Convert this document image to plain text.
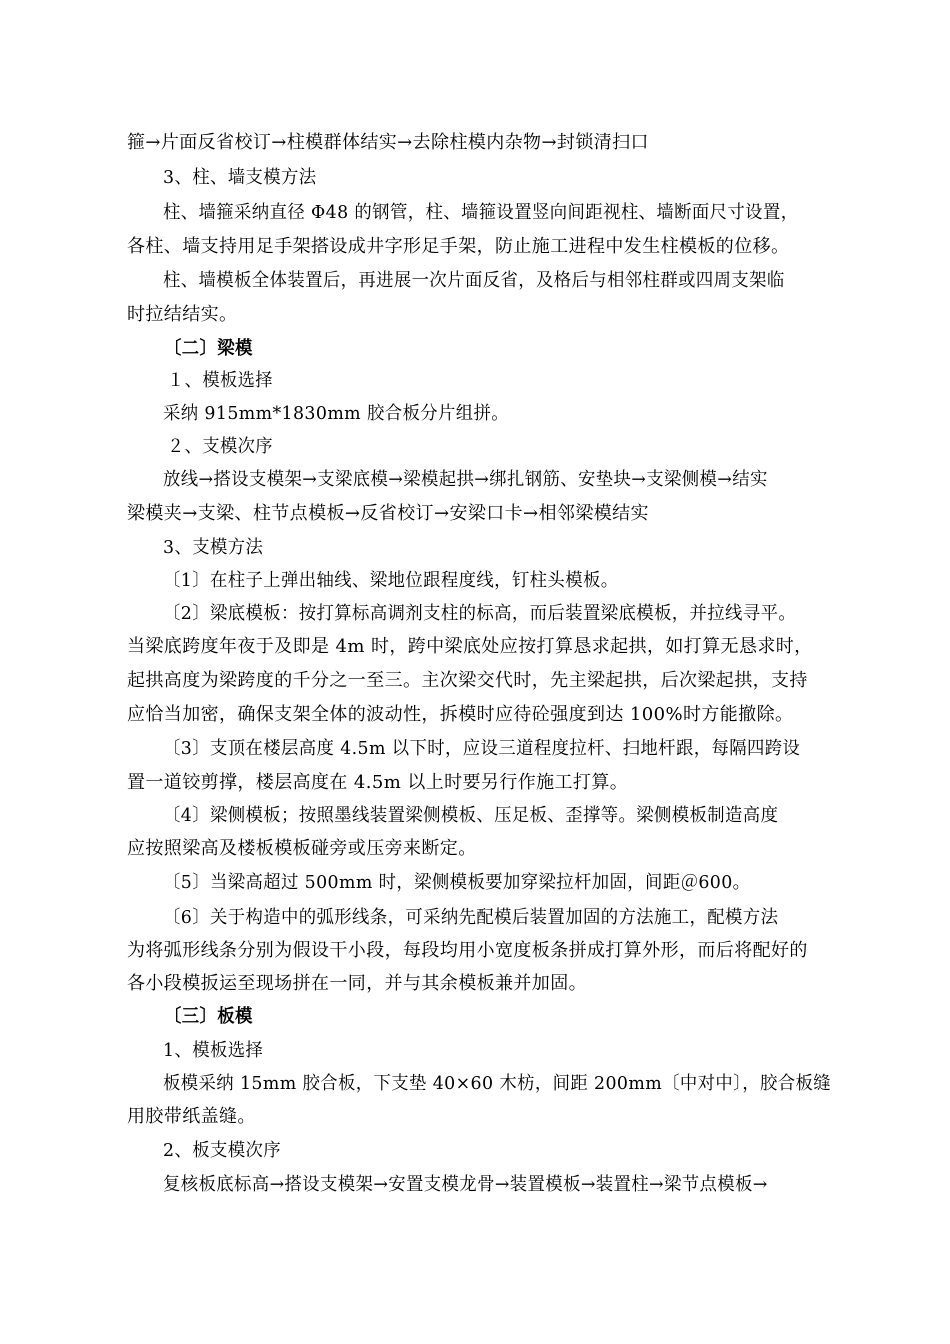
箍→片面反省校订→柱模群体结实→去除柱模内杂物→封锁清扫口
3、柱、墙支模方法
柱、墙箍采纳直径 Φ48 的钢管，柱、墙箍设置竖向间距视柱、墙断面尺寸设置，
各柱、墙支持用足手架搭设成井字形足手架，防止施工进程中发生柱模板的位移。
柱、墙模板全体装置后，再进展一次片面反省，及格后与相邻柱群或四周支架临
时拉结结实。
〔二〕梁模
１、模板选择
采纳 915mm*1830mm 胶合板分片组拼。
２、支模次序
放线→搭设支模架→支梁底模→梁模起拱→绑扎钢筋、安垫块→支梁侧模→结实
梁模夹→支梁、柱节点模板→反省校订→安梁口卡→相邻梁模结实
3、支模方法
〔1〕在柱子上弹出轴线、梁地位跟程度线，钉柱头模板。
〔2〕梁底模板：按打算标高调剂支柱的标高，而后装置梁底模板，并拉线寻平。
当梁底跨度年夜于及即是 4m 时，跨中梁底处应按打算恳求起拱，如打算无恳求时，
起拱高度为梁跨度的千分之一至三。主次梁交代时，先主梁起拱，后次梁起拱，支持
应恰当加密，确保支架全体的波动性，拆模时应待砼强度到达 100%时方能撤除。
〔3〕支顶在楼层高度 4.5m 以下时，应设三道程度拉杆、扫地杆跟，每隔四跨设
置一道铰剪撑，楼层高度在 4.5m 以上时要另行作施工打算。
〔4〕梁侧模板；按照墨线装置梁侧模板、压足板、歪撑等。梁侧模板制造高度
应按照梁高及楼板模板碰旁或压旁来断定。
〔5〕当梁高超过 500mm 时，梁侧模板要加穿梁拉杆加固，间距＠600。
〔6〕关于构造中的弧形线条，可采纳先配模后装置加固的方法施工，配模方法
为将弧形线条分别为假设干小段，每段均用小宽度板条拼成打算外形，而后将配好的
各小段模扳运至现场拼在一同，并与其余模板兼并加固。
〔三〕板模
1、模板选择
板模采纳 15mm 胶合板，下支垫 40×60 木枋，间距 200mm〔中对中〕，胶合板缝
用胶带纸盖缝。
2、板支模次序
复核板底标高→搭设支模架→安置支模龙骨→装置模板→装置柱→梁节点模板→
